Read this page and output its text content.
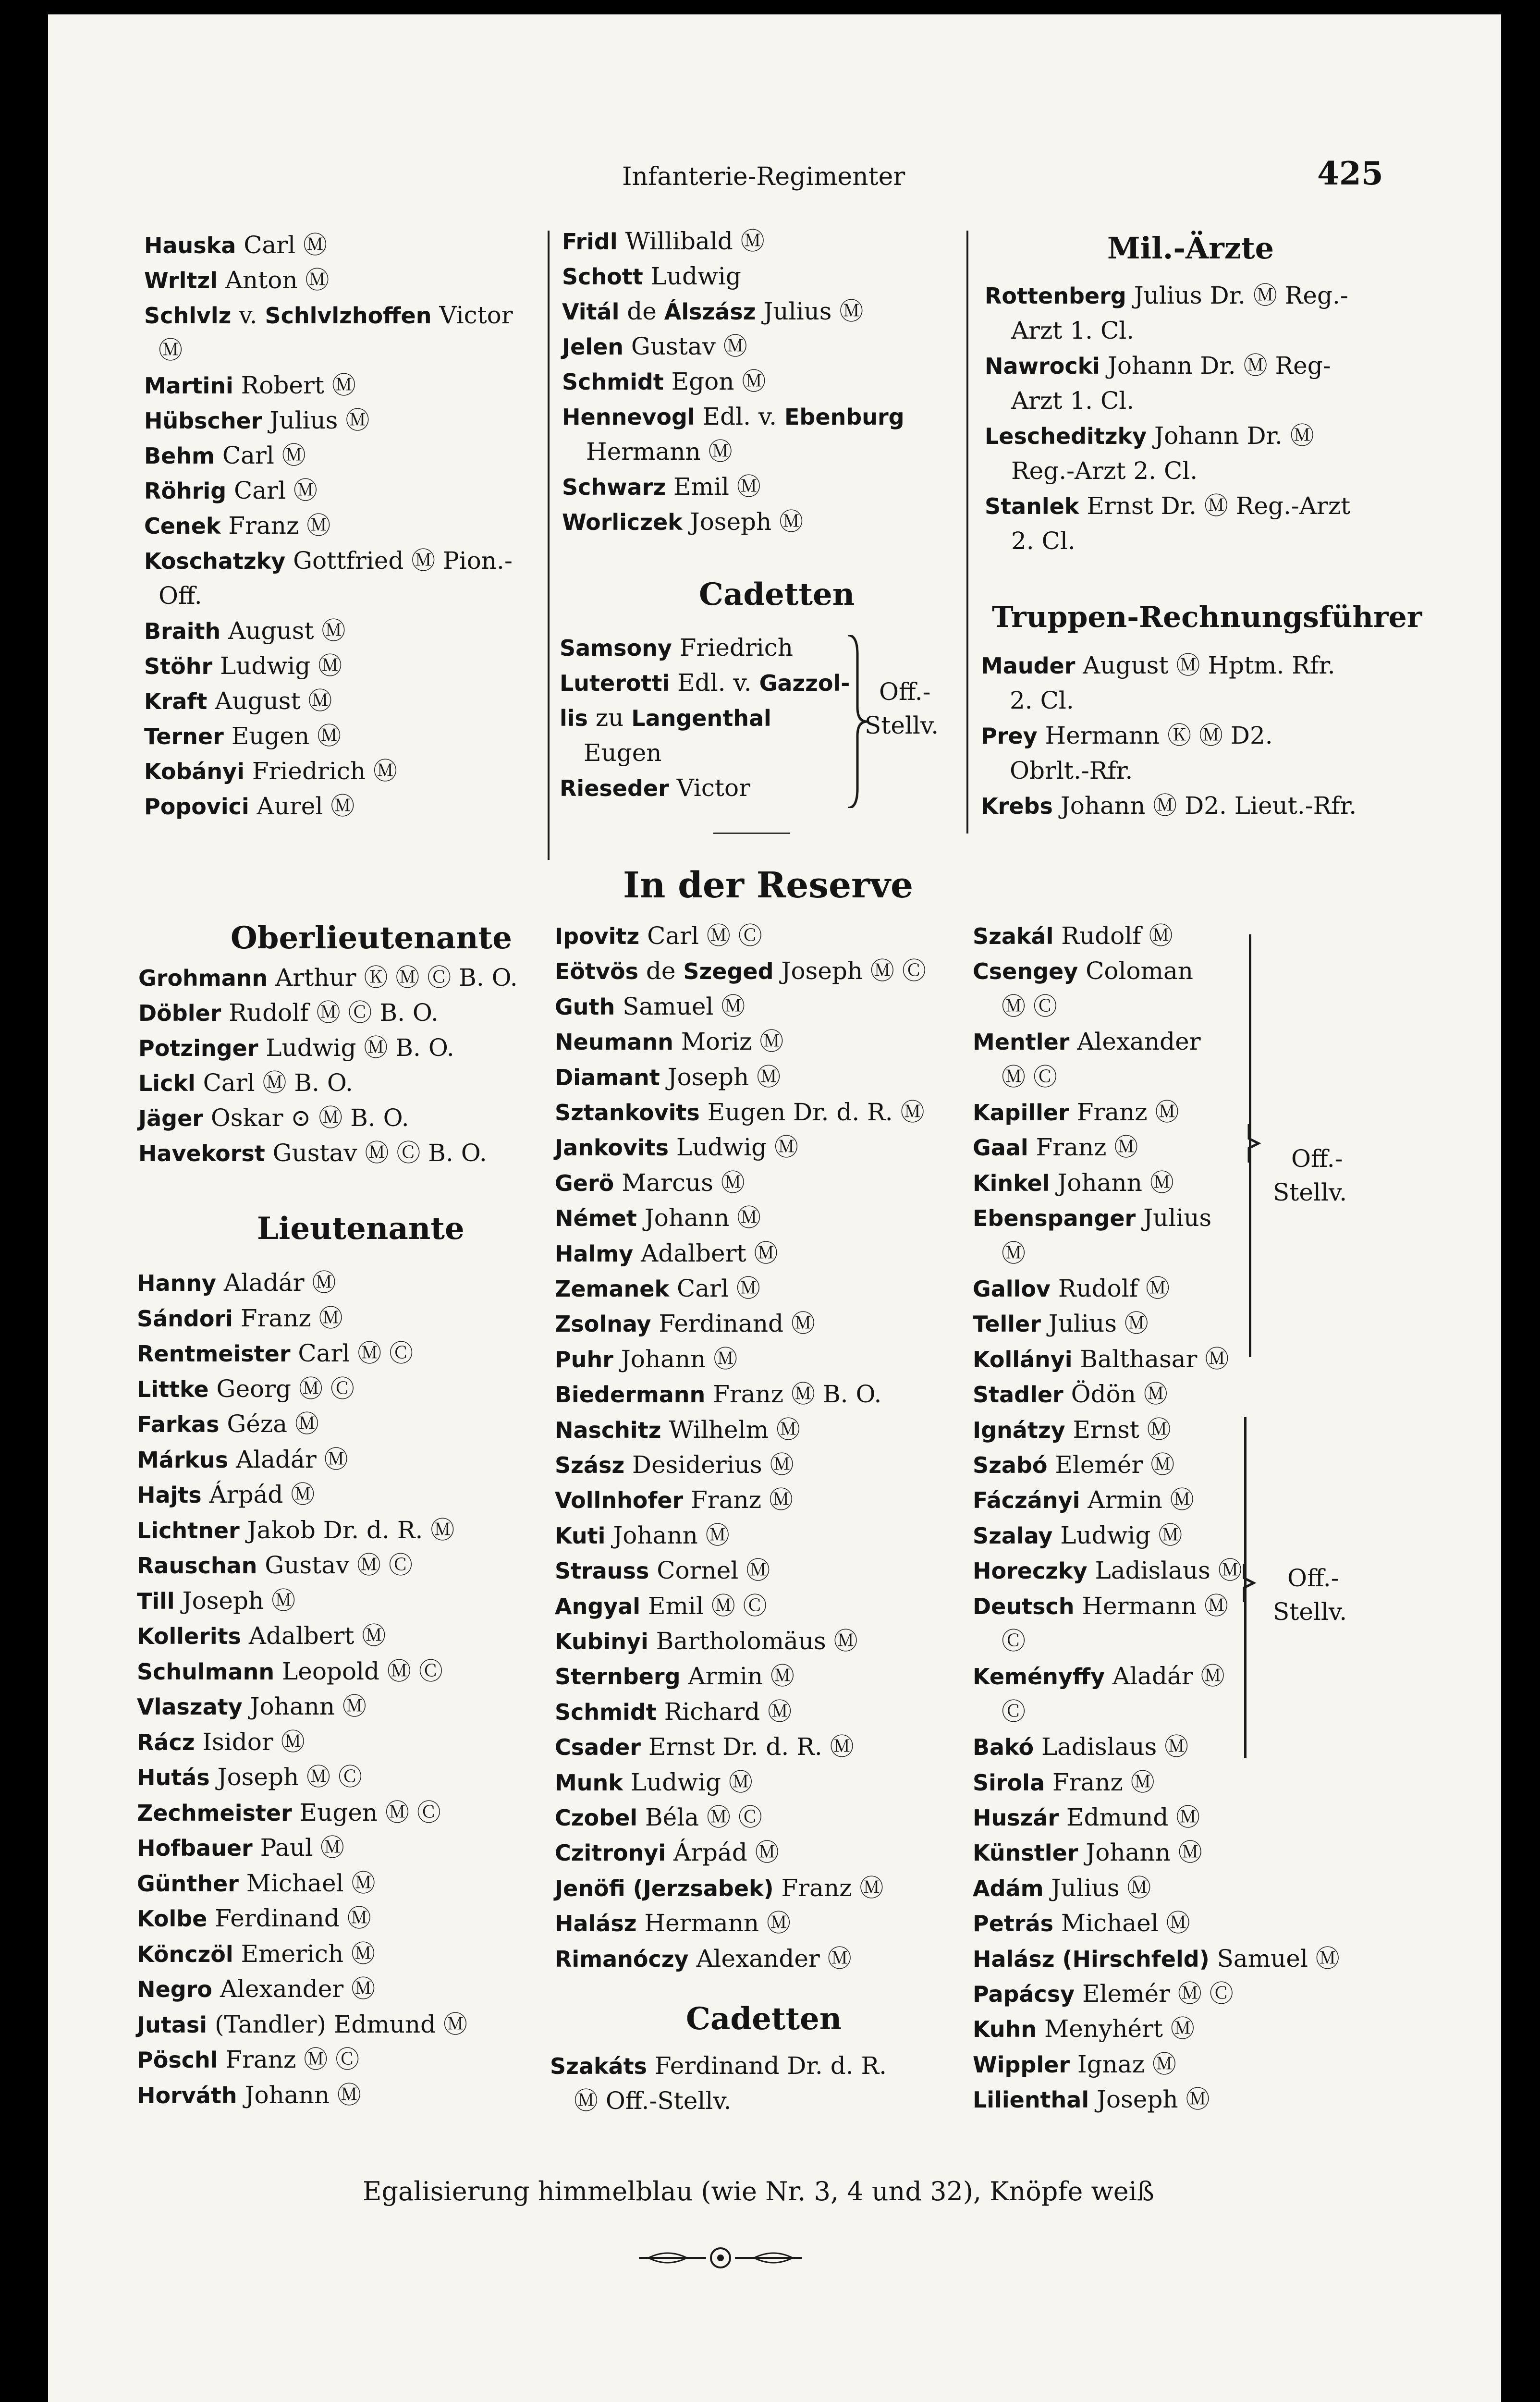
Infanterie-Regimenter	425
Hauska Carl Ⓜ
Wrltzl Anton Ⓜ
Schlvlz v. Schlvlzhoffen Victor
Ⓜ
Martini Robert Ⓜ
Hübscher Julius Ⓜ
Behm Carl Ⓜ
Röhrig Carl Ⓜ
Cenek Franz Ⓜ
Koschatzky Gottfried Ⓜ Pion.-
Off.
Braith August Ⓜ
Stöhr Ludwig Ⓜ
Kraft August Ⓜ
Terner Eugen Ⓜ
Kobányi Friedrich Ⓜ
Popovici Aurel Ⓜ
Fridl Willibald Ⓜ
Schott Ludwig
Vitál de Álszász Julius Ⓜ
Jelen Gustav Ⓜ
Schmidt Egon Ⓜ
Hennevogl Edl. v. Ebenburg
Hermann Ⓜ
Schwarz Emil Ⓜ
Worliczek Joseph Ⓜ
Cadetten
Samsony Friedrich
Luterotti Edl. v. Gazzol-
lis zu Langenthal
Eugen
Rieseder Victor
Off.-
Stellv.
Mil.-Ärzte
Rottenberg Julius Dr. Ⓜ Reg.-
Arzt 1. Cl.
Nawrocki Johann Dr. Ⓜ Reg-
Arzt 1. Cl.
Lescheditzky Johann Dr. Ⓜ
Reg.-Arzt 2. Cl.
Stanlek Ernst Dr. Ⓜ Reg.-Arzt
2. Cl.
Truppen-Rechnungsführer
Mauder August Ⓜ Hptm. Rfr.
2. Cl.
Prey Hermann Ⓚ Ⓜ D2.
Obrlt.-Rfr.
Krebs Johann Ⓜ D2. Lieut.-Rfr.
In der Reserve
Oberlieutenante
Grohmann Arthur Ⓚ Ⓜ Ⓒ B. O.
Döbler Rudolf Ⓜ Ⓒ B. O.
Potzinger Ludwig Ⓜ B. O.
Lickl Carl Ⓜ B. O.
Jäger Oskar ⊙ Ⓜ B. O.
Havekorst Gustav Ⓜ Ⓒ B. O.
Lieutenante
Hanny Aladár Ⓜ
Sándori Franz Ⓜ
Rentmeister Carl Ⓜ Ⓒ
Littke Georg Ⓜ Ⓒ
Farkas Géza Ⓜ
Márkus Aladár Ⓜ
Hajts Árpád Ⓜ
Lichtner Jakob Dr. d. R. Ⓜ
Rauschan Gustav Ⓜ Ⓒ
Till Joseph Ⓜ
Kollerits Adalbert Ⓜ
Schulmann Leopold Ⓜ Ⓒ
Vlaszaty Johann Ⓜ
Rácz Isidor Ⓜ
Hutás Joseph Ⓜ Ⓒ
Zechmeister Eugen Ⓜ Ⓒ
Hofbauer Paul Ⓜ
Günther Michael Ⓜ
Kolbe Ferdinand Ⓜ
Könczöl Emerich Ⓜ
Negro Alexander Ⓜ
Jutasi (Tandler) Edmund Ⓜ
Pöschl Franz Ⓜ Ⓒ
Horváth Johann Ⓜ
Ipovitz Carl Ⓜ Ⓒ
Eötvös de Szeged Joseph Ⓜ Ⓒ
Guth Samuel Ⓜ
Neumann Moriz Ⓜ
Diamant Joseph Ⓜ
Sztankovits Eugen Dr. d. R. Ⓜ
Jankovits Ludwig Ⓜ
Gerö Marcus Ⓜ
Német Johann Ⓜ
Halmy Adalbert Ⓜ
Zemanek Carl Ⓜ
Zsolnay Ferdinand Ⓜ
Puhr Johann Ⓜ
Biedermann Franz Ⓜ B. O.
Naschitz Wilhelm Ⓜ
Szász Desiderius Ⓜ
Vollnhofer Franz Ⓜ
Kuti Johann Ⓜ
Strauss Cornel Ⓜ
Angyal Emil Ⓜ Ⓒ
Kubinyi Bartholomäus Ⓜ
Sternberg Armin Ⓜ
Schmidt Richard Ⓜ
Csader Ernst Dr. d. R. Ⓜ
Munk Ludwig Ⓜ
Czobel Béla Ⓜ Ⓒ
Czitronyi Árpád Ⓜ
Jenöfi (Jerzsabek) Franz Ⓜ
Halász Hermann Ⓜ
Rimanóczy Alexander Ⓜ
Cadetten
Szakáts Ferdinand Dr. d. R.
Ⓜ Off.-Stellv.
Szakál Rudolf Ⓜ
Csengey Coloman
Ⓜ Ⓒ
Mentler Alexander
Ⓜ Ⓒ
Kapiller Franz Ⓜ
Gaal Franz Ⓜ
Kinkel Johann Ⓜ
Ebenspanger Julius
Ⓜ
Gallov Rudolf Ⓜ
Teller Julius Ⓜ
Kollányi Balthasar Ⓜ
Stadler Ödön Ⓜ
Ignátzy Ernst Ⓜ
Szabó Elemér Ⓜ
Fáczányi Armin Ⓜ
Szalay Ludwig Ⓜ
Horeczky Ladislaus Ⓜ
Deutsch Hermann Ⓜ
Ⓒ
Keményffy Aladár Ⓜ
Ⓒ
Bakó Ladislaus Ⓜ
Sirola Franz Ⓜ
Huszár Edmund Ⓜ
Künstler Johann Ⓜ
Adám Julius Ⓜ
Petrás Michael Ⓜ
Halász (Hirschfeld) Samuel Ⓜ
Papácsy Elemér Ⓜ Ⓒ
Kuhn Menyhért Ⓜ
Wippler Ignaz Ⓜ
Lilienthal Joseph Ⓜ
Off.-
Stellv.
Off.-
Stellv.
Egalisierung himmelblau (wie Nr. 3, 4 und 32), Knöpfe weiß
